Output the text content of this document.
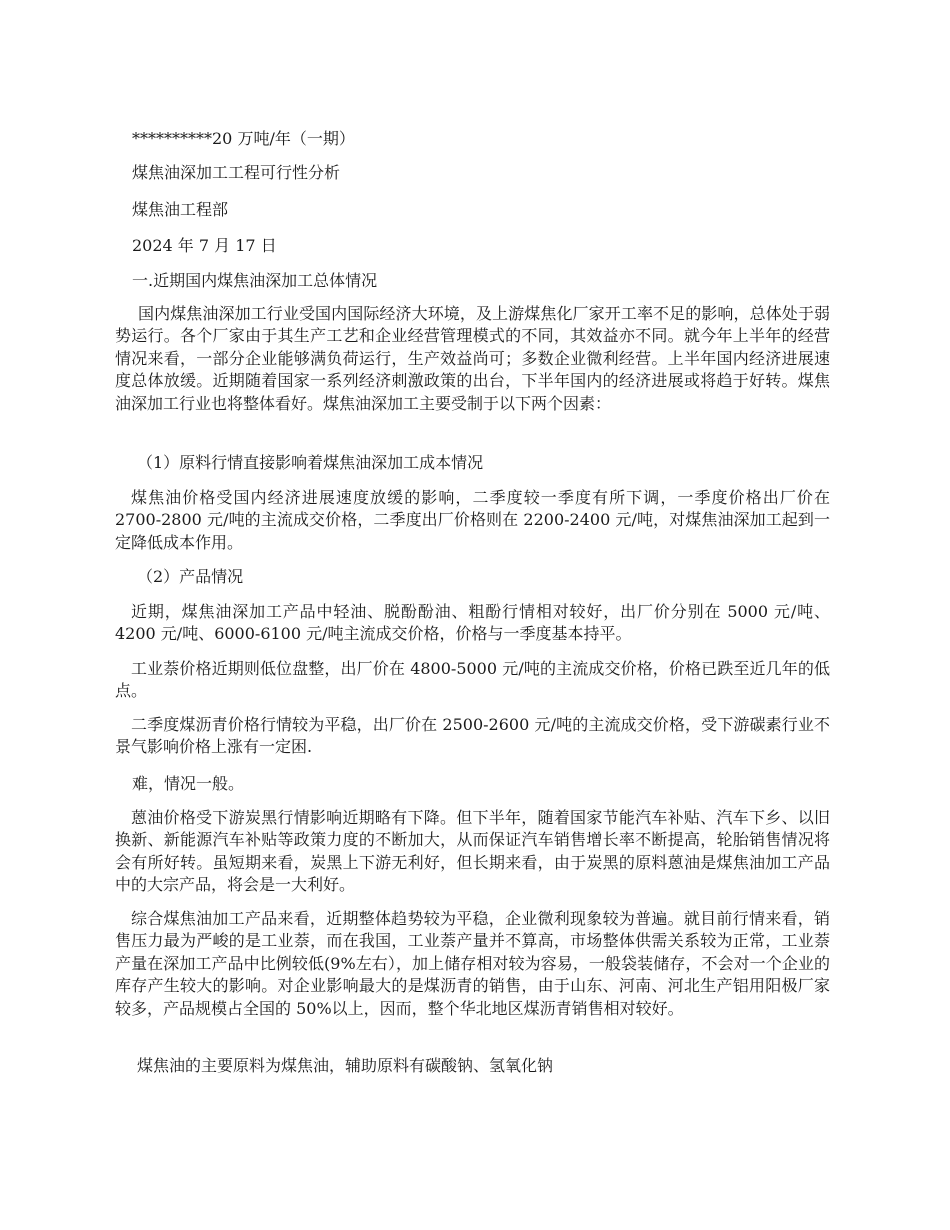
**********20 万吨/年（一期）
煤焦油深加工工程可行性分析
煤焦油工程部
2024 年 7 月 17 日
一.近期国内煤焦油深加工总体情况

国内煤焦油深加工行业受国内国际经济大环境，及上游煤焦化厂家开工率不足的影响，总体处于弱势运行。各个厂家由于其生产工艺和企业经营管理模式的不同，其效益亦不同。就今年上半年的经营情况来看，一部分企业能够满负荷运行，生产效益尚可；多数企业微利经营。上半年国内经济进展速度总体放缓。近期随着国家一系列经济刺激政策的出台，下半年国内的经济进展或将趋于好转。煤焦油深加工行业也将整体看好。煤焦油深加工主要受制于以下两个因素：

（1）原料行情直接影响着煤焦油深加工成本情况

煤焦油价格受国内经济进展速度放缓的影响，二季度较一季度有所下调，一季度价格出厂价在 2700-2800 元/吨的主流成交价格，二季度出厂价格则在 2200-2400 元/吨，对煤焦油深加工起到一定降低成本作用。

（2）产品情况

近期，煤焦油深加工产品中轻油、脱酚酚油、粗酚行情相对较好，出厂价分别在 5000 元/吨、4200 元/吨、6000-6100 元/吨主流成交价格，价格与一季度基本持平。

工业萘价格近期则低位盘整，出厂价在 4800-5000 元/吨的主流成交价格，价格已跌至近几年的低点。

二季度煤沥青价格行情较为平稳，出厂价在 2500-2600 元/吨的主流成交价格，受下游碳素行业不景气影响价格上涨有一定困.

难，情况一般。

蒽油价格受下游炭黑行情影响近期略有下降。但下半年，随着国家节能汽车补贴、汽车下乡、以旧换新、新能源汽车补贴等政策力度的不断加大，从而保证汽车销售增长率不断提高，轮胎销售情况将会有所好转。虽短期来看，炭黑上下游无利好，但长期来看，由于炭黑的原料蒽油是煤焦油加工产品中的大宗产品，将会是一大利好。

综合煤焦油加工产品来看，近期整体趋势较为平稳，企业微利现象较为普遍。就目前行情来看，销售压力最为严峻的是工业萘，而在我国，工业萘产量并不算高，市场整体供需关系较为正常，工业萘产量在深加工产品中比例较低(9%左右），加上储存相对较为容易，一般袋装储存，不会对一个企业的库存产生较大的影响。对企业影响最大的是煤沥青的销售，由于山东、河南、河北生产铝用阳极厂家较多，产品规模占全国的 50%以上，因而，整个华北地区煤沥青销售相对较好。

煤焦油的主要原料为煤焦油，辅助原料有碳酸钠、氢氧化钠
